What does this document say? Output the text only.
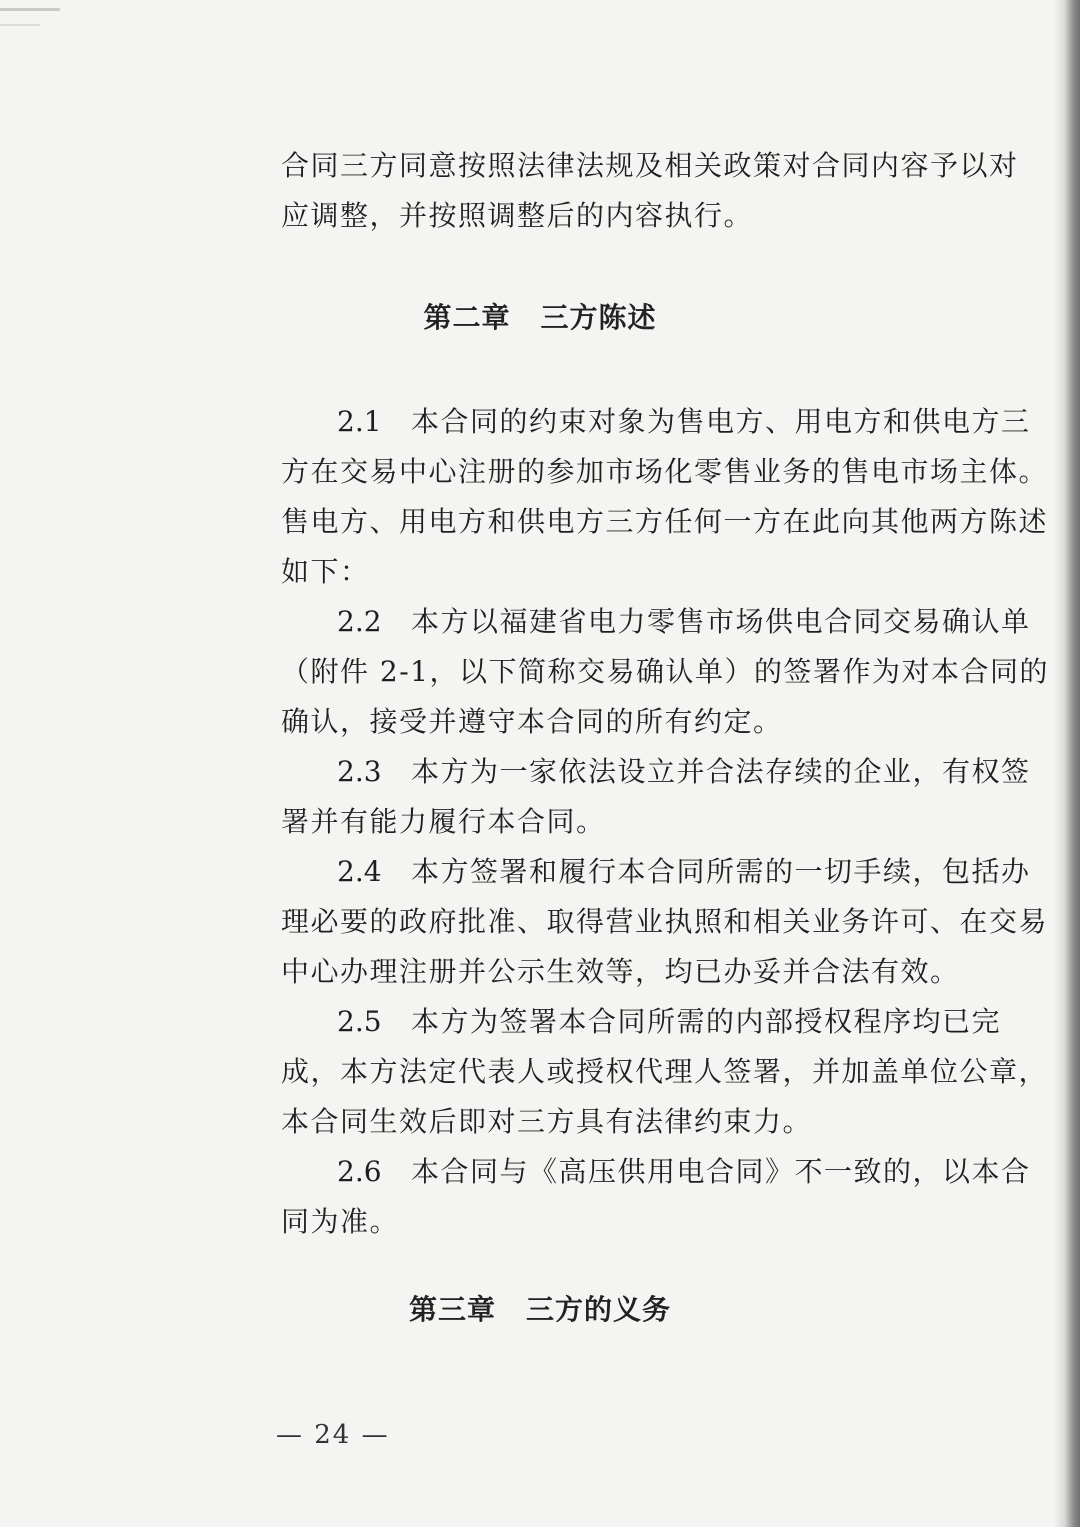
合同三方同意按照法律法规及相关政策对合同内容予以对
应调整，并按照调整后的内容执行。
第二章 三方陈述
2.1 本合同的约束对象为售电方、用电方和供电方三
方在交易中心注册的参加市场化零售业务的售电市场主体。
售电方、用电方和供电方三方任何一方在此向其他两方陈述
如下：
2.2 本方以福建省电力零售市场供电合同交易确认单
（附件 2-1，以下简称交易确认单）的签署作为对本合同的
确认，接受并遵守本合同的所有约定。
2.3 本方为一家依法设立并合法存续的企业，有权签
署并有能力履行本合同。
2.4 本方签署和履行本合同所需的一切手续，包括办
理必要的政府批准、取得营业执照和相关业务许可、在交易
中心办理注册并公示生效等，均已办妥并合法有效。
2.5 本方为签署本合同所需的内部授权程序均已完
成，本方法定代表人或授权代理人签署，并加盖单位公章，
本合同生效后即对三方具有法律约束力。
2.6 本合同与《高压供用电合同》不一致的，以本合
同为准。
第三章 三方的义务
— 24 —
